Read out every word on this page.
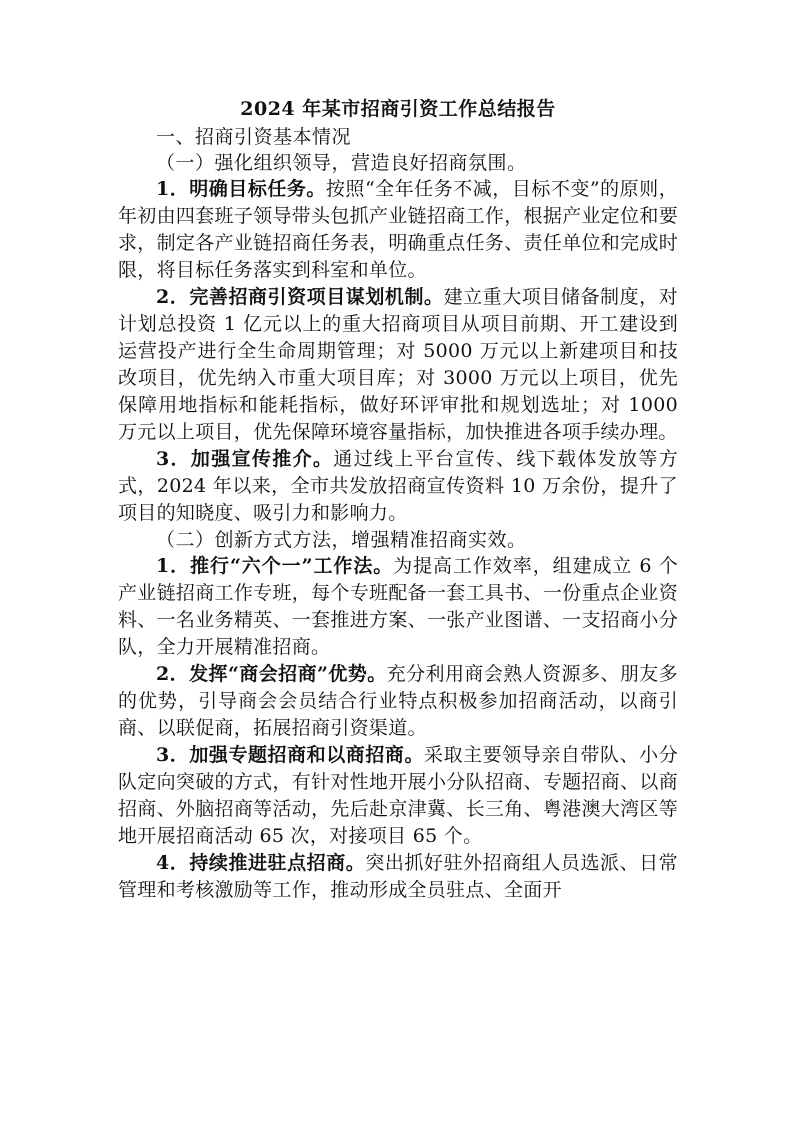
2024 年某市招商引资工作总结报告

一、招商引资基本情况

（一）强化组织领导，营造良好招商氛围。

1．明确目标任务。按照“全年任务不减，目标不变”的原则，年初由四套班子领导带头包抓产业链招商工作，根据产业定位和要求，制定各产业链招商任务表，明确重点任务、责任单位和完成时限，将目标任务落实到科室和单位。

2．完善招商引资项目谋划机制。建立重大项目储备制度，对计划总投资 1 亿元以上的重大招商项目从项目前期、开工建设到运营投产进行全生命周期管理；对 5000 万元以上新建项目和技改项目，优先纳入市重大项目库；对 3000 万元以上项目，优先保障用地指标和能耗指标，做好环评审批和规划选址；对 1000 万元以上项目，优先保障环境容量指标，加快推进各项手续办理。

3．加强宣传推介。通过线上平台宣传、线下载体发放等方式，2024 年以来，全市共发放招商宣传资料 10 万余份，提升了项目的知晓度、吸引力和影响力。

（二）创新方式方法，增强精准招商实效。

1．推行“六个一”工作法。为提高工作效率，组建成立 6 个产业链招商工作专班，每个专班配备一套工具书、一份重点企业资料、一名业务精英、一套推进方案、一张产业图谱、一支招商小分队，全力开展精准招商。

2．发挥“商会招商”优势。充分利用商会熟人资源多、朋友多的优势，引导商会会员结合行业特点积极参加招商活动，以商引商、以联促商，拓展招商引资渠道。

3．加强专题招商和以商招商。采取主要领导亲自带队、小分队定向突破的方式，有针对性地开展小分队招商、专题招商、以商招商、外脑招商等活动，先后赴京津冀、长三角、粤港澳大湾区等地开展招商活动 65 次，对接项目 65 个。

4．持续推进驻点招商。突出抓好驻外招商组人员选派、日常管理和考核激励等工作，推动形成全员驻点、全面开
